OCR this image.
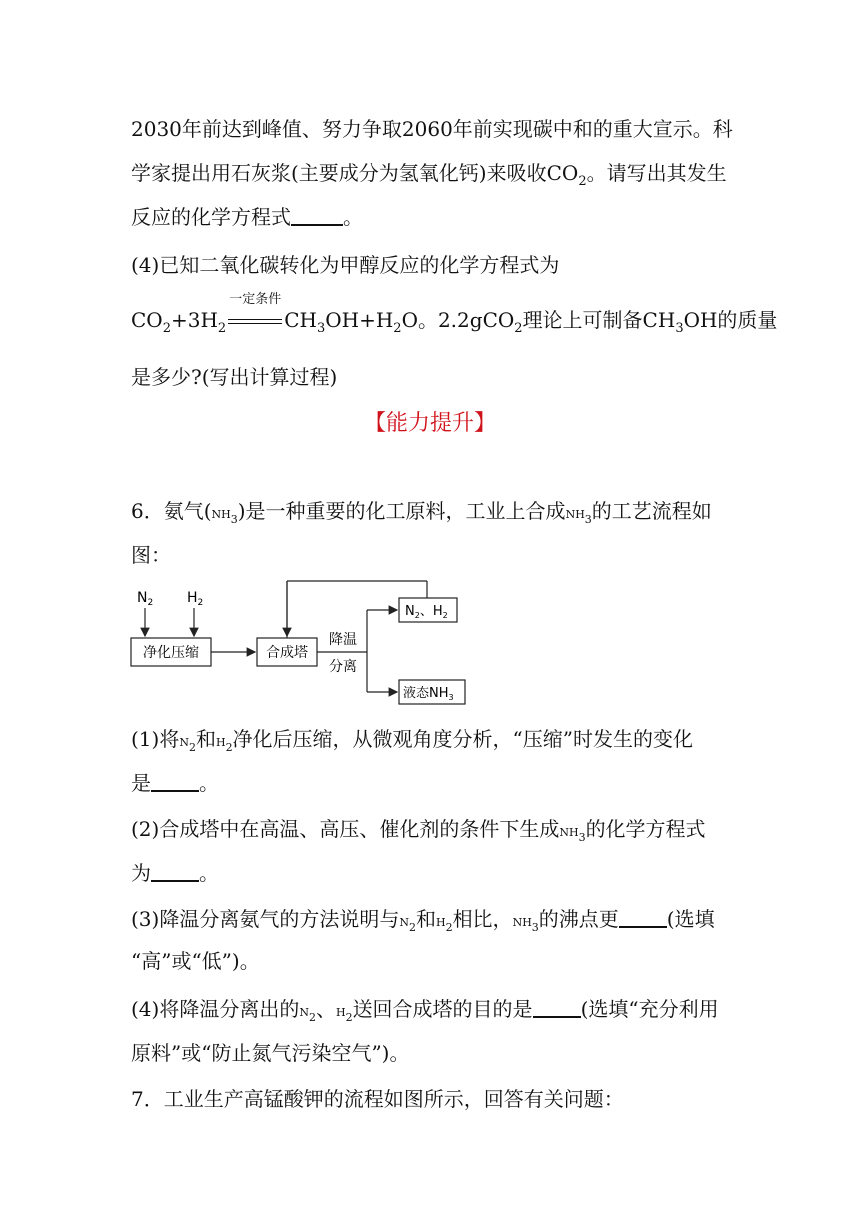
2030年前达到峰值、努力争取2060年前实现碳中和的重大宣示。科
学家提出用石灰浆(主要成分为氢氧化钙)来吸收$CO_2$。请写出其发生
反应的化学方程式	。
(4)已知二氧化碳转化为甲醇反应的化学方程式为
$CO_2+3H_2$
一定条件
$CH_3OH+H_2O$。2.2gCO$_2$理论上可制备$CH_3OH$的质量
是多少?(写出计算过程)
【能力提升】
6．氨气$(NH_3)$是一种重要的化工原料，工业上合成$NH_3$的工艺流程如
图：
$N_2$ $H_2$
净化压缩	合成塔
降温
分离
$N_2$、$H_2$
液态$NH_3$
(1)将$N_2$和$H_2$净化后压缩，从微观角度分析，“压缩”时发生的变化
是 。
(2)合成塔中在高温、高压、催化剂的条件下生成$NH_3$的化学方程式
为 。
(3)降温分离氨气的方法说明与$N_2$和$H_2$相比，$NH_3$的沸点更 (选填
“高”或“低”)。
(4)将降温分离出的$N_2$、$H_2$送回合成塔的目的是 (选填“充分利用
原料”或“防止氮气污染空气”)。
7．工业生产高锰酸钾的流程如图所示，回答有关问题：
